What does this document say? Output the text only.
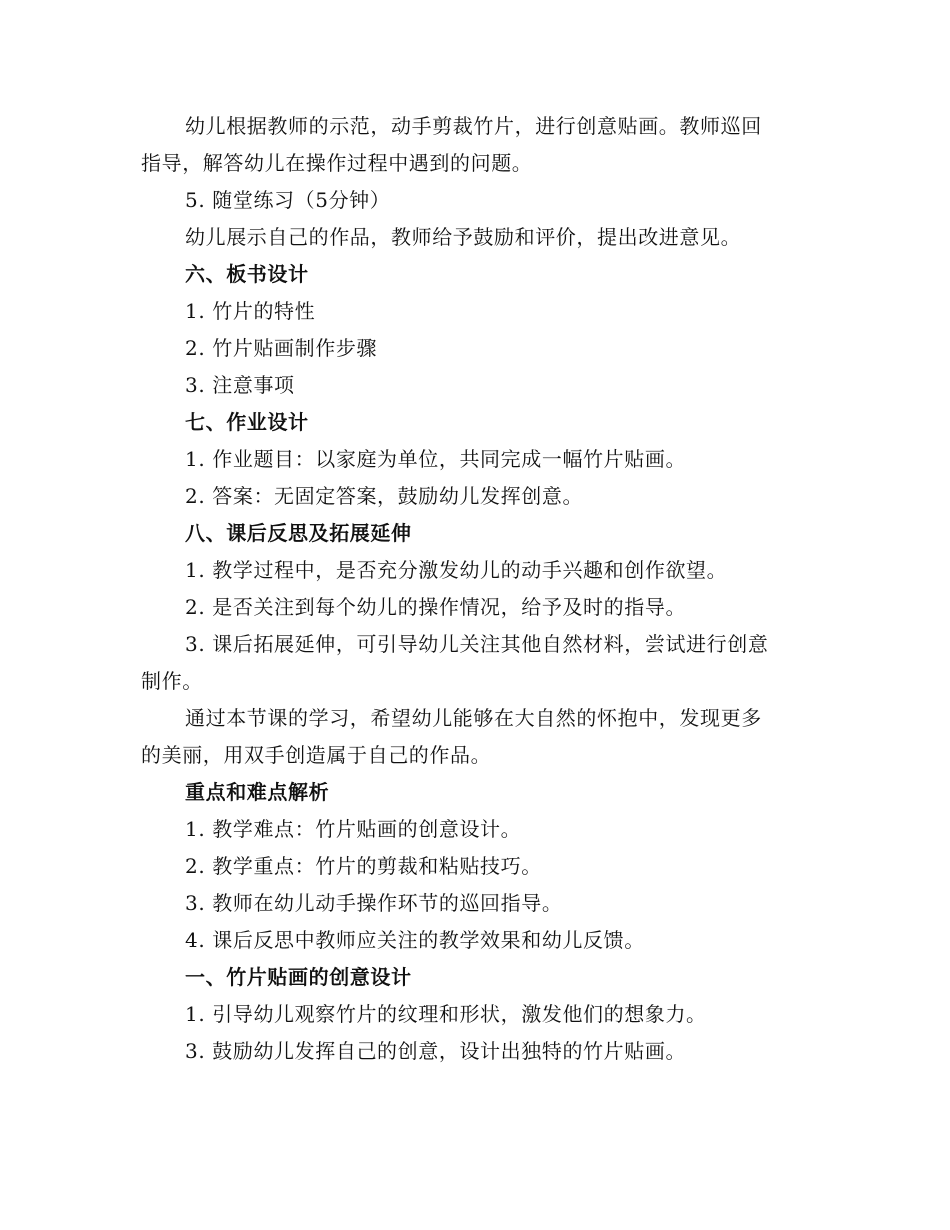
幼儿根据教师的示范，动手剪裁竹片，进行创意贴画。教师巡回
指导，解答幼儿在操作过程中遇到的问题。
5. 随堂练习（5分钟）
幼儿展示自己的作品，教师给予鼓励和评价，提出改进意见。
六、板书设计
1. 竹片的特性
2. 竹片贴画制作步骤
3. 注意事项
七、作业设计
1. 作业题目：以家庭为单位，共同完成一幅竹片贴画。
2. 答案：无固定答案，鼓励幼儿发挥创意。
八、课后反思及拓展延伸
1. 教学过程中，是否充分激发幼儿的动手兴趣和创作欲望。
2. 是否关注到每个幼儿的操作情况，给予及时的指导。
3. 课后拓展延伸，可引导幼儿关注其他自然材料，尝试进行创意
制作。
通过本节课的学习，希望幼儿能够在大自然的怀抱中，发现更多
的美丽，用双手创造属于自己的作品。
重点和难点解析
1. 教学难点：竹片贴画的创意设计。
2. 教学重点：竹片的剪裁和粘贴技巧。
3. 教师在幼儿动手操作环节的巡回指导。
4. 课后反思中教师应关注的教学效果和幼儿反馈。
一、竹片贴画的创意设计
1. 引导幼儿观察竹片的纹理和形状，激发他们的想象力。
3. 鼓励幼儿发挥自己的创意，设计出独特的竹片贴画。
